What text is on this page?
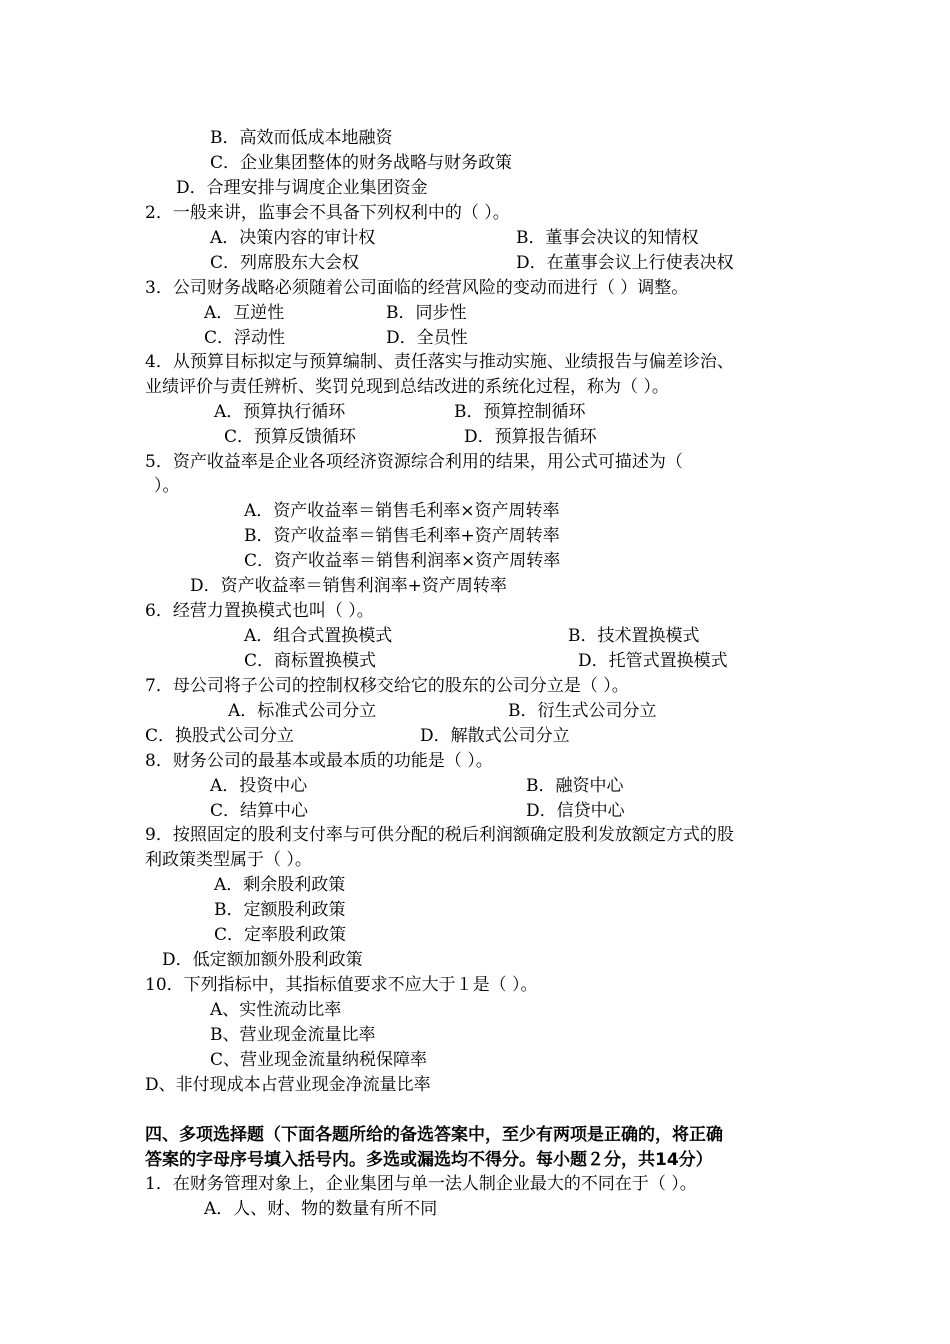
B．高效而低成本地融资
C．企业集团整体的财务战略与财务政策
D．合理安排与调度企业集团资金
2．一般来讲，监事会不具备下列权利中的（ ）。
A．决策内容的审计权	B．董事会决议的知情权
C．列席股东大会权	D．在董事会议上行使表决权
3．公司财务战略必须随着公司面临的经营风险的变动而进行（ ）调整。
A．互逆性	B．同步性
C．浮动性	D．全员性
4．从预算目标拟定与预算编制、责任落实与推动实施、业绩报告与偏差诊治、
业绩评价与责任辨析、奖罚兑现到总结改进的系统化过程，称为（ ）。
A．预算执行循环	B．预算控制循环
C．预算反馈循环	D．预算报告循环
5．资产收益率是企业各项经济资源综合利用的结果，用公式可描述为（
）。
A．资产收益率＝销售毛利率×资产周转率
B．资产收益率＝销售毛利率+资产周转率
C．资产收益率＝销售利润率×资产周转率
D．资产收益率＝销售利润率+资产周转率
6．经营力置换模式也叫（ ）。
A．组合式置换模式	B．技术置换模式
C．商标置换模式	D．托管式置换模式
7．母公司将子公司的控制权移交给它的股东的公司分立是（ ）。
A．标准式公司分立	B．衍生式公司分立
C．换股式公司分立	D．解散式公司分立
8．财务公司的最基本或最本质的功能是（ ）。
A．投资中心	B．融资中心
C．结算中心	D．信贷中心
9．按照固定的股利支付率与可供分配的税后利润额确定股利发放额定方式的股
利政策类型属于（ ）。
A．剩余股利政策
B．定额股利政策
C．定率股利政策
D．低定额加额外股利政策
10．下列指标中，其指标值要求不应大于１是（ ）。
A、实性流动比率
B、营业现金流量比率
C、营业现金流量纳税保障率
D、非付现成本占营业现金净流量比率
四、多项选择题（下面各题所给的备选答案中，至少有两项是正确的，将正确
答案的字母序号填入括号内。多选或漏选均不得分。每小题２分，共14分）
1．在财务管理对象上，企业集团与单一法人制企业最大的不同在于（ ）。
A．人、财、物的数量有所不同
